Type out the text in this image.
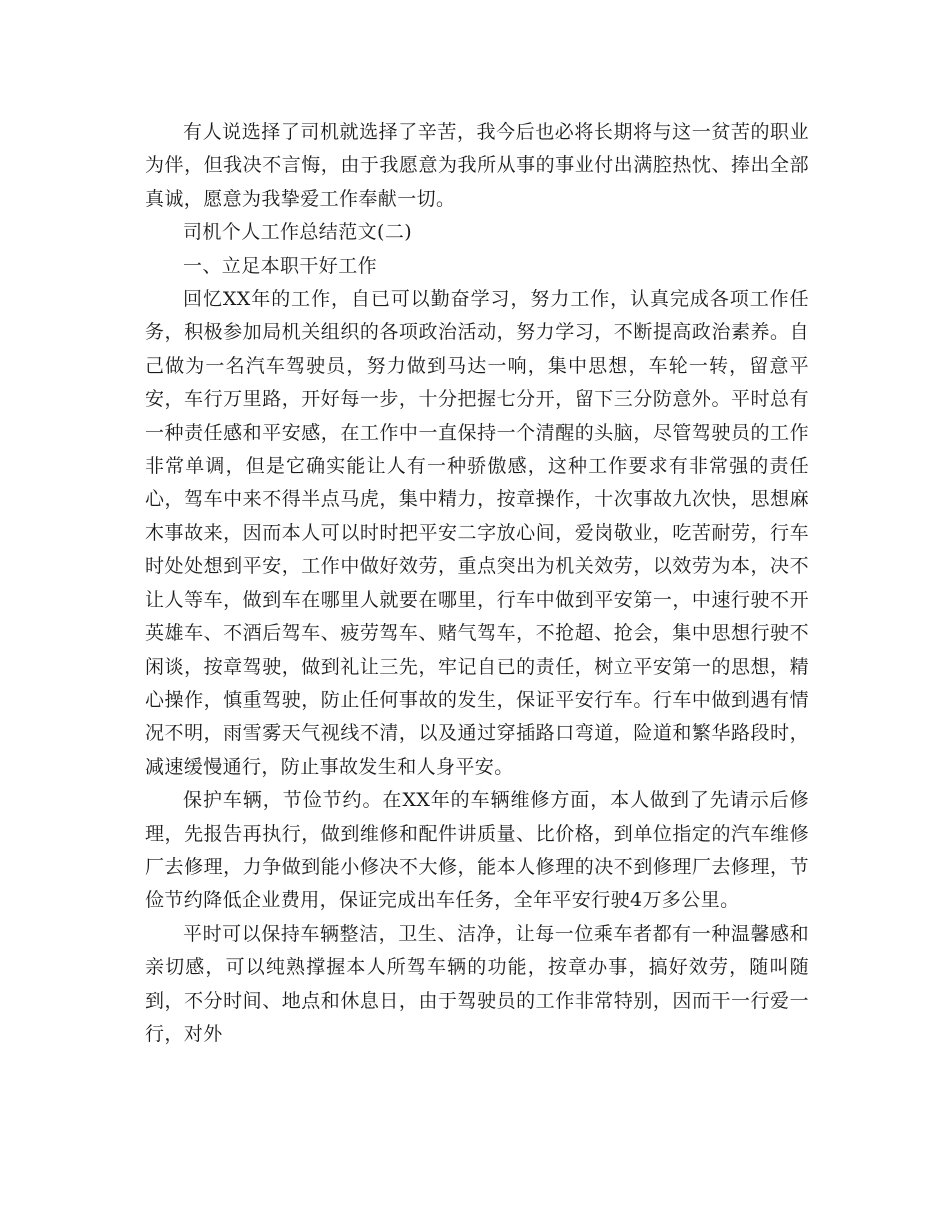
有人说选择了司机就选择了辛苦，我今后也必将长期将与这一贫苦的职业为伴，但我决不言悔，由于我愿意为我所从事的事业付出满腔热忱、捧出全部真诚，愿意为我挚爱工作奉献一切。

司机个人工作总结范文(二)

一、立足本职干好工作

回忆XX年的工作，自已可以勤奋学习，努力工作，认真完成各项工作任务，积极参加局机关组织的各项政治活动，努力学习，不断提高政治素养。自己做为一名汽车驾驶员，努力做到马达一响，集中思想，车轮一转，留意平安，车行万里路，开好每一步，十分把握七分开，留下三分防意外。平时总有一种责任感和平安感，在工作中一直保持一个清醒的头脑，尽管驾驶员的工作非常单调，但是它确实能让人有一种骄傲感，这种工作要求有非常强的责任心，驾车中来不得半点马虎，集中精力，按章操作，十次事故九次快，思想麻木事故来，因而本人可以时时把平安二字放心间，爱岗敬业，吃苦耐劳，行车时处处想到平安，工作中做好效劳，重点突出为机关效劳，以效劳为本，决不让人等车，做到车在哪里人就要在哪里，行车中做到平安第一，中速行驶不开英雄车、不酒后驾车、疲劳驾车、赌气驾车，不抢超、抢会，集中思想行驶不闲谈，按章驾驶，做到礼让三先，牢记自已的责任，树立平安第一的思想，精心操作，慎重驾驶，防止任何事故的发生，保证平安行车。行车中做到遇有情况不明，雨雪雾天气视线不清，以及通过穿插路口弯道，险道和繁华路段时，减速缓慢通行，防止事故发生和人身平安。

保护车辆，节俭节约。在XX年的车辆维修方面，本人做到了先请示后修理，先报告再执行，做到维修和配件讲质量、比价格，到单位指定的汽车维修厂去修理，力争做到能小修决不大修，能本人修理的决不到修理厂去修理，节俭节约降低企业费用，保证完成出车任务，全年平安行驶4万多公里。

平时可以保持车辆整洁，卫生、洁净，让每一位乘车者都有一种温馨感和亲切感，可以纯熟撑握本人所驾车辆的功能，按章办事，搞好效劳，随叫随到，不分时间、地点和休息日，由于驾驶员的工作非常特别，因而干一行爱一行，对外
